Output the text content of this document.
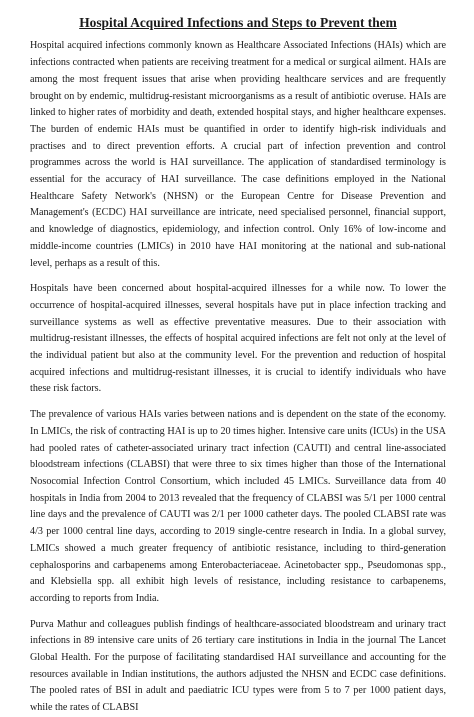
Hospital Acquired Infections and Steps to Prevent them

Hospital acquired infections commonly known as Healthcare Associated Infections (HAIs) which are infections contracted when patients are receiving treatment for a medical or surgical ailment. HAIs are among the most frequent issues that arise when providing healthcare services and are frequently brought on by endemic, multidrug-resistant microorganisms as a result of antibiotic overuse. HAIs are linked to higher rates of morbidity and death, extended hospital stays, and higher healthcare expenses. The burden of endemic HAIs must be quantified in order to identify high-risk individuals and practises and to direct prevention efforts. A crucial part of infection prevention and control programmes across the world is HAI surveillance. The application of standardised terminology is essential for the accuracy of HAI surveillance. The case definitions employed in the National Healthcare Safety Network's (NHSN) or the European Centre for Disease Prevention and Management's (ECDC) HAI surveillance are intricate, need specialised personnel, financial support, and knowledge of diagnostics, epidemiology, and infection control. Only 16% of low-income and middle-income countries (LMICs) in 2010 have HAI monitoring at the national and sub-national level, perhaps as a result of this.

Hospitals have been concerned about hospital-acquired illnesses for a while now. To lower the occurrence of hospital-acquired illnesses, several hospitals have put in place infection tracking and surveillance systems as well as effective preventative measures. Due to their association with multidrug-resistant illnesses, the effects of hospital acquired infections are felt not only at the level of the individual patient but also at the community level. For the prevention and reduction of hospital acquired infections and multidrug-resistant illnesses, it is crucial to identify individuals who have these risk factors.

The prevalence of various HAIs varies between nations and is dependent on the state of the economy. In LMICs, the risk of contracting HAI is up to 20 times higher. Intensive care units (ICUs) in the USA had pooled rates of catheter-associated urinary tract infection (CAUTI) and central line-associated bloodstream infections (CLABSI) that were three to six times higher than those of the International Nosocomial Infection Control Consortium, which included 45 LMICs. Surveillance data from 40 hospitals in India from 2004 to 2013 revealed that the frequency of CLABSI was 5/1 per 1000 central line days and the prevalence of CAUTI was 2/1 per 1000 catheter days. The pooled CLABSI rate was 4/3 per 1000 central line days, according to 2019 single-centre research in India. In a global survey, LMICs showed a much greater frequency of antibiotic resistance, including to third-generation cephalosporins and carbapenems among Enterobacteriaceae. Acinetobacter spp., Pseudomonas spp., and Klebsiella spp. all exhibit high levels of resistance, including resistance to carbapenems, according to reports from India.

Purva Mathur and colleagues publish findings of healthcare-associated bloodstream and urinary tract infections in 89 intensive care units of 26 tertiary care institutions in India in the journal The Lancet Global Health. For the purpose of facilitating standardised HAI surveillance and accounting for the resources available in Indian institutions, the authors adjusted the NHSN and ECDC case definitions. The pooled rates of BSI in adult and paediatric ICU types were from 5 to 7 per 1000 patient days, while the rates of CLABSI
